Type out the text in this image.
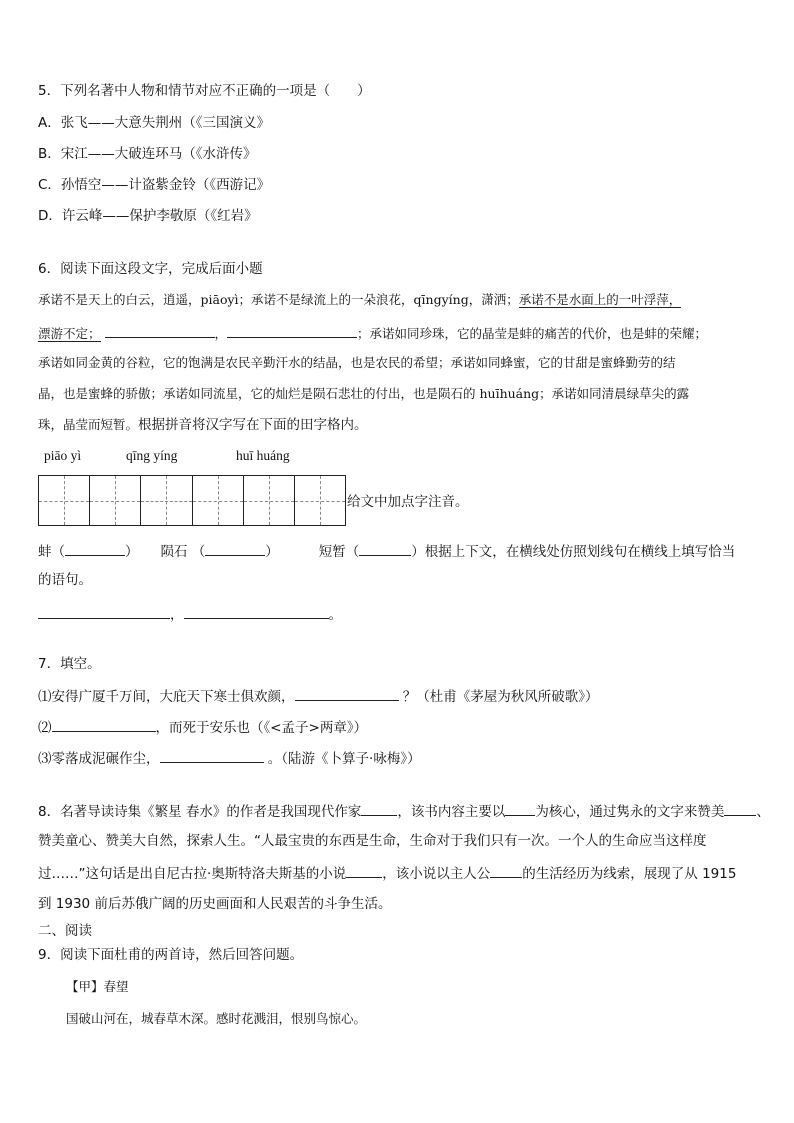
5．下列名著中人物和情节对应不正确的一项是（　　）
A．张飞——大意失荆州（《三国演义》
B．宋江——大破连环马（《水浒传》
C．孙悟空——计盗紫金铃（《西游记》
D．许云峰——保护李敬原（《红岩》
6．阅读下面这段文字，完成后面小题
承诺不是天上的白云，逍遥，piāoyì；承诺不是绿流上的一朵浪花，qīngyíng，潇洒；承诺不是水面上的一叶浮萍，
漂游不定；	，	；承诺如同珍珠，它的晶莹是蚌的痛苦的代价，也是蚌的荣耀；
承诺如同金黄的谷粒，它的饱满是农民辛勤汗水的结晶，也是农民的希望；承诺如同蜂蜜，它的甘甜是蜜蜂勤劳的结
晶，也是蜜蜂的骄傲；承诺如同流星，它的灿烂是陨石悲壮的付出，也是陨石的 huīhuáng；承诺如同清晨绿草尖的露
珠，晶莹而短暂。根据拼音将汉字写在下面的田字格内。
piāo yì	qīng yíng	huī huáng
给文中加点字注音。
蚌（	） 陨石 （	）	短暂（	）根据上下文，在横线处仿照划线句在横线上填写恰当
的语句。
，	。
7．填空。
⑴安得广厦千万间，大庇天下寒士俱欢颜，	？（杜甫《茅屋为秋风所破歌》）
⑵	，而死于安乐也（《<孟子>两章》）
⑶零落成泥碾作尘，	。（陆游《卜算子·咏梅》）
8．名著导读诗集《繁星 春水》的作者是我国现代作家	，该书内容主要以 为核心，通过隽永的文字来赞美 、
赞美童心、赞美大自然，探索人生。“人最宝贵的东西是生命，生命对于我们只有一次。一个人的生命应当这样度
过……”这句话是出自尼古拉·奥斯特洛夫斯基的小说	，该小说以主人公 的生活经历为线索，展现了从 1915
到 1930 前后苏俄广阔的历史画面和人民艰苦的斗争生活。
二、阅读
9．阅读下面杜甫的两首诗，然后回答问题。
【甲】春望
国破山河在，城春草木深。感时花溅泪，恨别鸟惊心。
